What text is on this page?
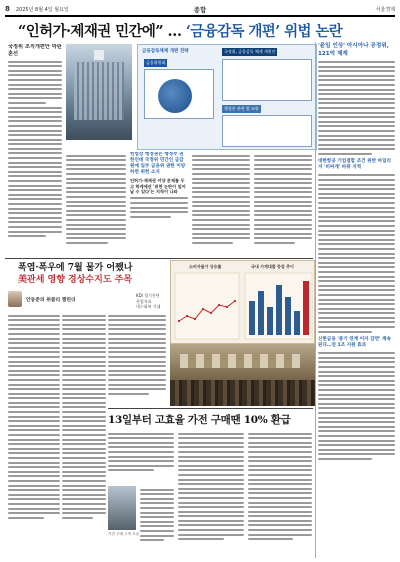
8 2025년 8월 4일 월요일	종합	서울경제
“인허가·제재권 민간에” … ‘금융감독 개편’ 위법 논란
국정위 조직개편안 막판 혼선	금융감독체계 개편 전략
금융위원회
국정위, 금융감독 체계 개편안
행정안 관련 법 조항
헌법상 행정권은 행정부 권한인데 국정위 민간인 금감원에 일부 금융위 권한 이양하면 위헌 소지
인허가·제재권 이양 문제를 두고 학계에선 '위헌 논란이 일어날 수 있다'는 지적이 나와
'윤일 인상' 아시아나 공정위, 121억 제재
대한항공 기업결합 조건 위반 마일리지 '비싸게' 바꿔 지적
신한금융 '중기 연계 이자 감면' 계속된다…연 1조 지원 효과
폭염·폭우에 7월 물가 어쨌나
美관세 영향 경상수지도 주목
안동준의 위클리 캘린더
KDI 경기진단
산업지표
내수회복 기대
소비자물가 상승률	국내 가계대출 증감 추이
13일부터 고효율 가전 구매땐 10% 환급
가전 구매 고객 모습
